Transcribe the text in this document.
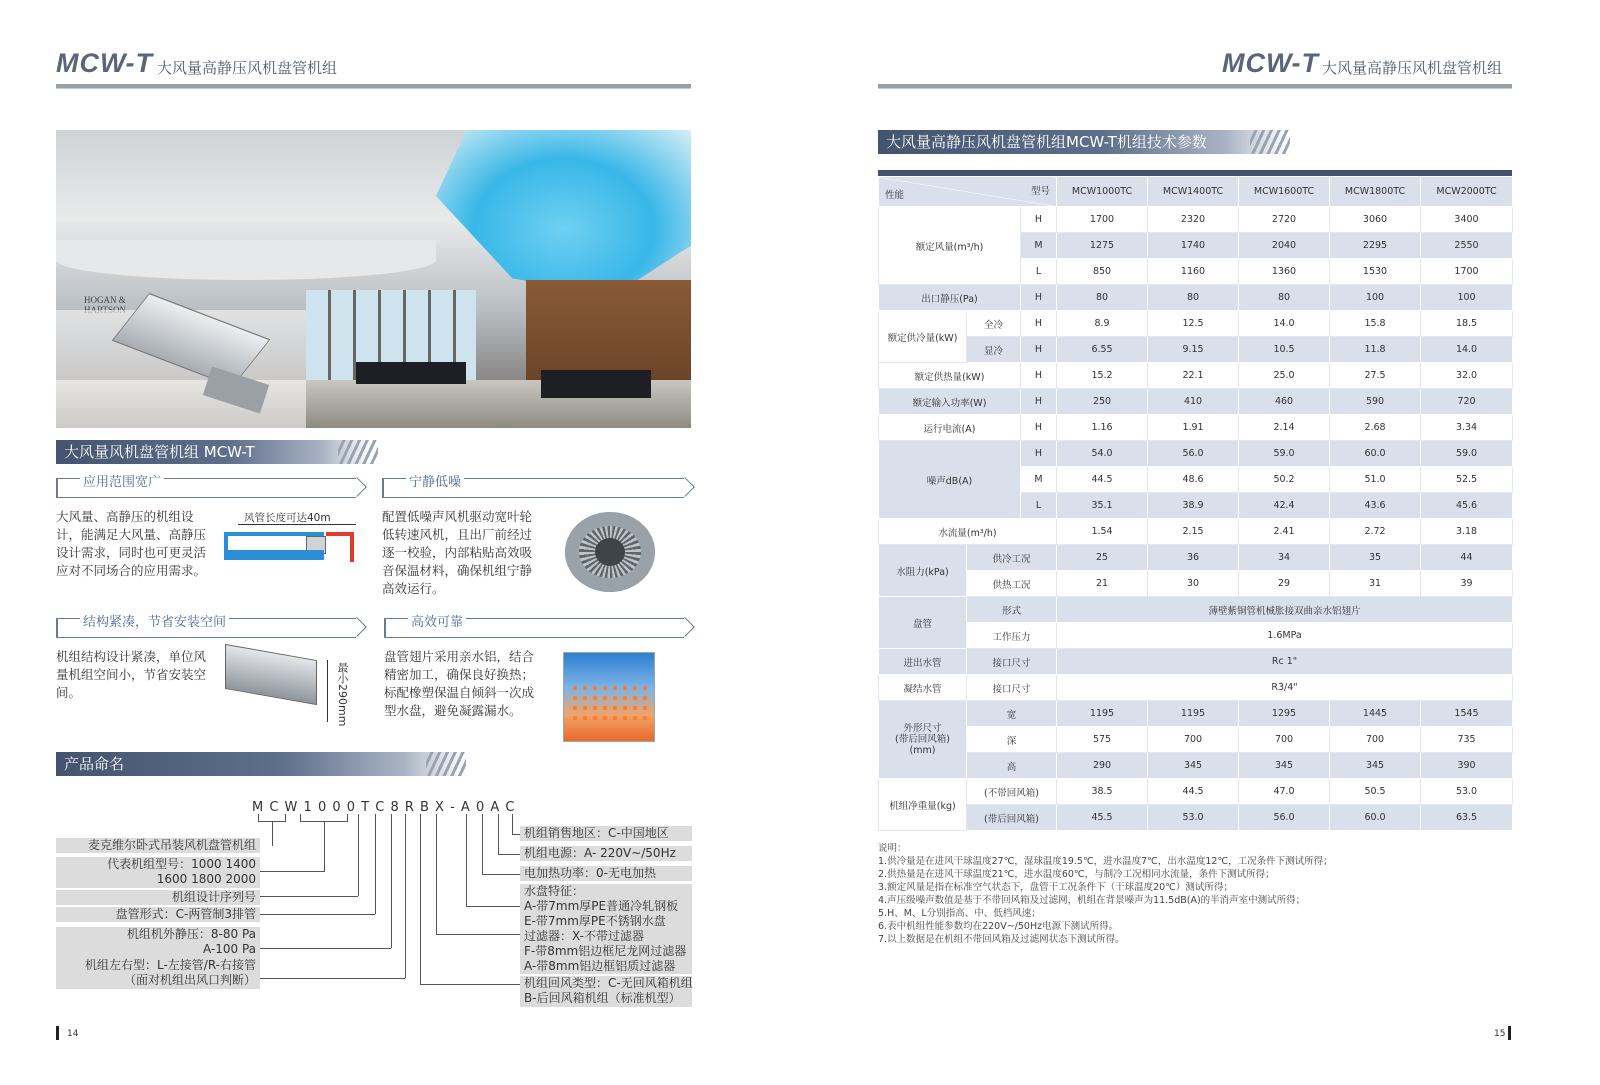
MCW-T 大风量高静压风机盘管机组
HOGAN &

大风量风机盘管机组 MCW-T
应用范围宽广
大风量、高静压的机组设计，能满足大风量、高静压设计需求，同时也可更灵活应对不同场合的应用需求。
风管长度可达40m
宁静低噪
配置低噪声风机驱动宽叶轮低转速风机，且出厂前经过逐一校验，内部粘贴高效吸音保温材料，确保机组宁静高效运行。
结构紧凑，节省安装空间
机组结构设计紧凑，单位风量机组空间小，节省安装空间。	最小290mm
高效可靠
盘管翅片采用亲水铝，结合精密加工，确保良好换热；标配橡塑保温自倾斜一次成型水盘，避免凝露漏水。
产品命名
M C W 1 0 0 0 T C 8 R B X - A 0 A C
麦克维尔卧式吊装风机盘管机组
代表机组型号：1000 1400
1600 1800 2000
机组设计序列号
盘管形式：C-两管制3排管
机组机外静压：8-80 Pa
A-100 Pa
机组左右型：L-左接管/R-右接管
（面对机组出风口判断）
机组销售地区：C-中国地区
机组电源：A- 220V~/50Hz
电加热功率：0-无电加热
水盘特征：
A-带7mm厚PE普通冷轧钢板
E-带7mm厚PE不锈钢水盘
过滤器：X-不带过滤器
F-带8mm铝边框尼龙网过滤器
A-带8mm铝边框铝质过滤器
机组回风类型：C-无回风箱机组
B-后回风箱机组（标准机型）
14
MCW-T 大风量高静压风机盘管机组
大风量高静压风机盘管机组MCW-T机组技术参数
性能 型号			MCW1000TC	MCW1400TC	MCW1600TC	MCW1800TC	MCW2000TC
额定风量(m³/h)		H	1700	2320	2720	3060	3400
		M	1275	1740	2040	2295	2550
		L	850	1160	1360	1530	1700
出口静压(Pa)		H	80	80	80	100	100
额定供冷量(kW)	全冷	H	8.9	12.5	14.0	15.8	18.5
	显冷	H	6.55	9.15	10.5	11.8	14.0
额定供热量(kW)		H	15.2	22.1	25.0	27.5	32.0
额定输入功率(W)		H	250	410	460	590	720
运行电流(A)		H	1.16	1.91	2.14	2.68	3.34
噪声dB(A)		H	54.0	56.0	59.0	60.0	59.0
		M	44.5	48.6	50.2	51.0	52.5
		L	35.1	38.9	42.4	43.6	45.6
水流量(m³/h)			1.54	2.15	2.41	2.72	3.18
水阻力(kPa)	供冷工况		25	36	34	35	44
	供热工况		21	30	29	31	39
盘管	形式		薄壁紫铜管机械胀接双曲亲水铝翅片				
	工作压力		1.6MPa				
进出水管	接口尺寸		Rc 1"				
凝结水管	接口尺寸		R3/4"				
外形尺寸
(带后回风箱)
(mm)	宽		1195	1195	1295	1445	1545
	深		575	700	700	700	735
	高		290	345	345	345	390
机组净重量(kg)	(不带回风箱)		38.5	44.5	47.0	50.5	53.0
	(带后回风箱)		45.5	53.0	56.0	60.0	63.5
说明：
1.供冷量是在进风干球温度27℃，湿球温度19.5℃，进水温度7℃，出水温度12℃，工况条件下测试所得；
2.供热量是在进风干球温度21℃，进水温度60℃，与制冷工况相同水流量，条件下测试所得；
3.额定风量是指在标准空气状态下，盘管干工况条件下（干球温度20℃）测试所得；
4.声压级噪声数值是基于不带回风箱及过滤网，机组在背景噪声为11.5dB(A)的半消声室中测试所得；
5.H、M、L分别指高、中、低档风速；
6.表中机组性能参数均在220V~/50Hz电源下测试所得。
7.以上数据是在机组不带回风箱及过滤网状态下测试所得。
15
